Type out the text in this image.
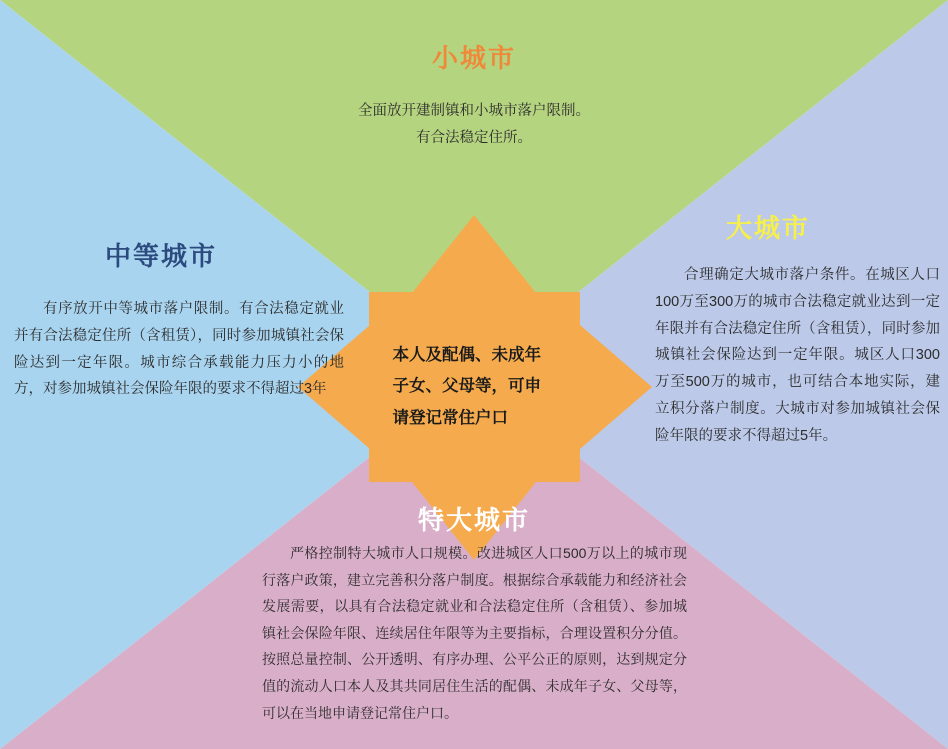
本人及配偶、未成年子女、父母等，可申请登记常住户口
小城市
全面放开建制镇和小城市落户限制。
有合法稳定住所。
中等城市
有序放开中等城市落户限制。有合法稳定就业并有合法稳定住所（含租赁），同时参加城镇社会保险达到一定年限。城市综合承载能力压力小的地方，对参加城镇社会保险年限的要求不得超过3年
大城市
合理确定大城市落户条件。在城区人口100万至300万的城市合法稳定就业达到一定年限并有合法稳定住所（含租赁），同时参加城镇社会保险达到一定年限。城区人口300万至500万的城市，也可结合本地实际，建立积分落户制度。大城市对参加城镇社会保险年限的要求不得超过5年。
特大城市
严格控制特大城市人口规模。改进城区人口500万以上的城市现行落户政策，建立完善积分落户制度。根据综合承载能力和经济社会发展需要，以具有合法稳定就业和合法稳定住所（含租赁）、参加城镇社会保险年限、连续居住年限等为主要指标，合理设置积分分值。按照总量控制、公开透明、有序办理、公平公正的原则，达到规定分值的流动人口本人及其共同居住生活的配偶、未成年子女、父母等，可以在当地申请登记常住户口。
